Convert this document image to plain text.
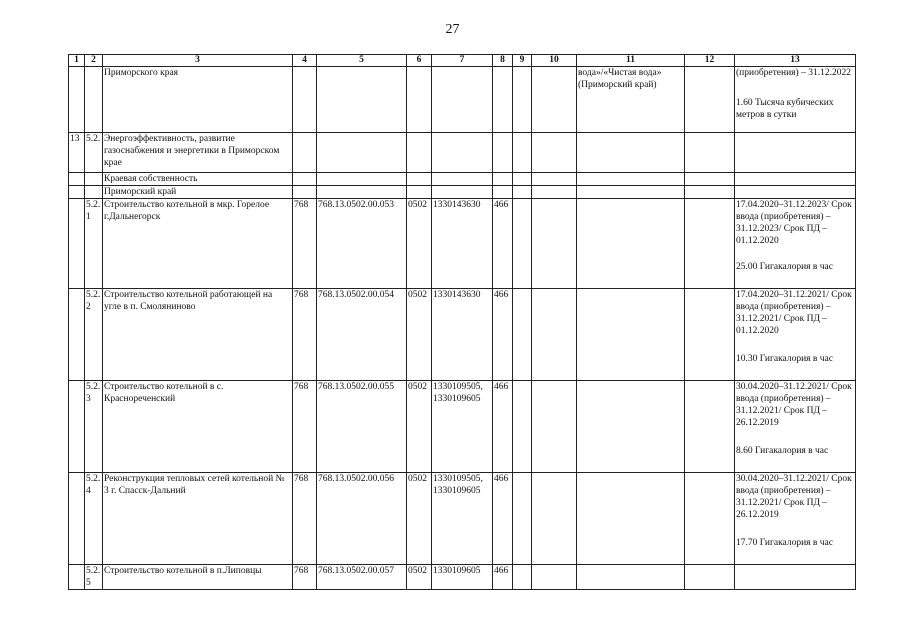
27
1	2	3	4	5	6	7	8	9	10	11	12	13
		Приморского края								вода»/«Чистая вода» (Приморский край)		(приобретения) – 31.12.2022
1.60 Тысяча кубических метров в сутки

13	5.2.	Энергоэффективность, развитие газоснабжения и энергетики в Приморском крае										

		Краевая собственность										

		Приморский край										

	5.2.1	Строительство котельной в мкр. Горелое г.Дальнегорск	768	768.13.0502.00.053	0502	1330143630	466					17.04.2020–31.12.2023/ Срок ввода (приобретения) – 31.12.2023/ Срок ПД – 01.12.2020
25.00 Гигакалория в час

	5.2.2	Строительство котельной работающей на угле в п. Смоляниново	768	768.13.0502.00.054	0502	1330143630	466					17.04.2020–31.12.2021/ Срок ввода (приобретения) – 31.12.2021/ Срок ПД – 01.12.2020
10.30 Гигакалория в час

	5.2.3	Строительство котельной в с. Краснореченский	768	768.13.0502.00.055	0502	1330109505, 1330109605	466					30.04.2020–31.12.2021/ Срок ввода (приобретения) – 31.12.2021/ Срок ПД – 26.12.2019
8.60 Гигакалория в час

	5.2.4	Реконструкция тепловых сетей котельной № 3 г. Спасск-Дальний	768	768.13.0502.00.056	0502	1330109505, 1330109605	466					30.04.2020–31.12.2021/ Срок ввода (приобретения) – 31.12.2021/ Срок ПД – 26.12.2019
17.70 Гигакалория в час

	5.2.5	Строительство котельной в п.Липовцы	768	768.13.0502.00.057	0502	1330109605	466					
